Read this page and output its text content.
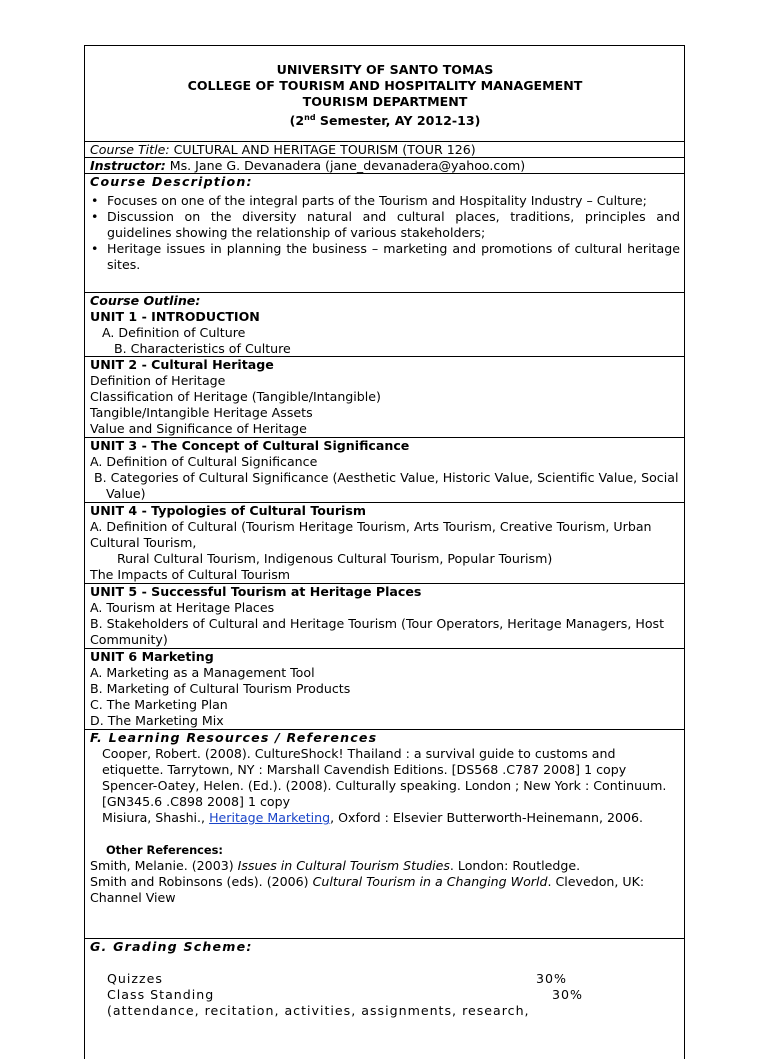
UNIVERSITY OF SANTO TOMAS
COLLEGE OF TOURISM AND HOSPITALITY MANAGEMENT
TOURISM DEPARTMENT
(2nd Semester, AY 2012-13)
Course Title: CULTURAL AND HERITAGE TOURISM (TOUR 126)
Instructor: Ms. Jane G. Devanadera (jane_devanadera@yahoo.com)
Course Description:
• Focuses on one of the integral parts of the Tourism and Hospitality Industry – Culture;
• Discussion on the diversity natural and cultural places, traditions, principles and guidelines showing the relationship of various stakeholders;
• Heritage issues in planning the business – marketing and promotions of cultural heritage sites.
Course Outline:
UNIT 1 - INTRODUCTION
A. Definition of Culture
B. Characteristics of Culture
UNIT 2 - Cultural Heritage
Definition of Heritage
Classification of Heritage (Tangible/Intangible)
Tangible/Intangible Heritage Assets
Value and Significance of Heritage
UNIT 3 - The Concept of Cultural Significance
A. Definition of Cultural Significance
B. Categories of Cultural Significance (Aesthetic Value, Historic Value, Scientific Value, Social Value)
UNIT 4 - Typologies of Cultural Tourism
A. Definition of Cultural (Tourism Heritage Tourism, Arts Tourism, Creative Tourism, Urban Cultural Tourism,
Rural Cultural Tourism, Indigenous Cultural Tourism, Popular Tourism)
The Impacts of Cultural Tourism
UNIT 5 - Successful Tourism at Heritage Places
A. Tourism at Heritage Places
B. Stakeholders of Cultural and Heritage Tourism (Tour Operators, Heritage Managers, Host Community)
UNIT 6 Marketing
A. Marketing as a Management Tool
B. Marketing of Cultural Tourism Products
C. The Marketing Plan
D. The Marketing Mix
F. Learning Resources / References
Cooper, Robert. (2008). CultureShock! Thailand : a survival guide to customs and etiquette. Tarrytown, NY : Marshall Cavendish Editions. [DS568 .C787 2008] 1 copy
Spencer-Oatey, Helen. (Ed.). (2008). Culturally speaking. London ; New York : Continuum. [GN345.6 .C898 2008] 1 copy
Misiura, Shashi., Heritage Marketing, Oxford : Elsevier Butterworth-Heinemann, 2006.
Other References:
Smith, Melanie. (2003) Issues in Cultural Tourism Studies. London: Routledge.
Smith and Robinsons (eds). (2006) Cultural Tourism in a Changing World. Clevedon, UK: Channel View
G. Grading Scheme:
Quizzes	30%
Class Standing	30%
(attendance, recitation, activities, assignments, research,
